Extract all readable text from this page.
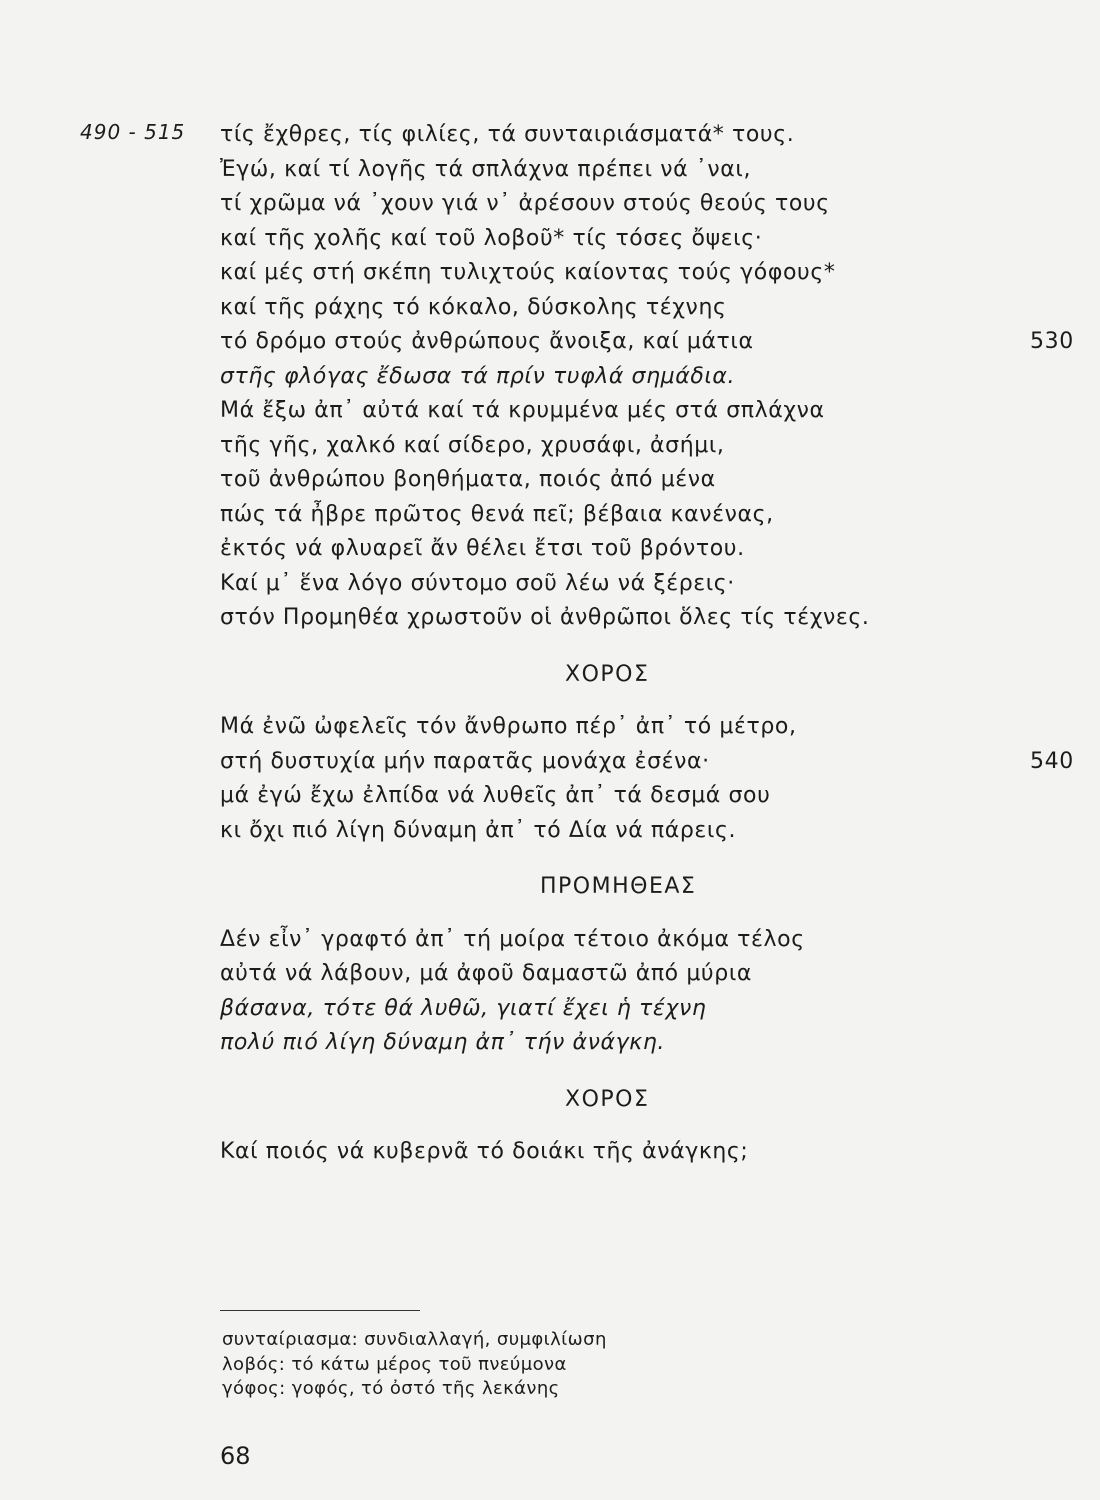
490 - 515 τίς ἔχθρες, τίς φιλίες, τά συνταιριάσματά* τους.
Ἐγώ, καί τί λογῆς τά σπλάχνα πρέπει νά ᾽ναι,
τί χρῶμα νά ᾽χουν γιά ν᾽ ἀρέσουν στούς θεούς τους
καί τῆς χολῆς καί τοῦ λοβοῦ* τίς τόσες ὄψεις·
καί μές στή σκέπη τυλιχτούς καίοντας τούς γόφους*
καί τῆς ράχης τό κόκαλο, δύσκολης τέχνης
τό δρόμο στούς ἀνθρώπους ἄνοιξα, καί μάτια	530
στῆς φλόγας ἔδωσα τά πρίν τυφλά σημάδια.
Μά ἔξω ἀπ᾽ αὐτά καί τά κρυμμένα μές στά σπλάχνα
τῆς γῆς, χαλκό καί σίδερο, χρυσάφι, ἀσήμι,
τοῦ ἀνθρώπου βοηθήματα, ποιός ἀπό μένα
πώς τά ἦβρε πρῶτος θενά πεῖ; βέβαια κανένας,
ἐκτός νά φλυαρεῖ ἄν θέλει ἔτσι τοῦ βρόντου.
Καί μ᾽ ἕνα λόγο σύντομο σοῦ λέω νά ξέρεις·
στόν Προμηθέα χρωστοῦν οἱ ἀνθρῶποι ὅλες τίς τέχνες.
ΧΟΡΟΣ
Μά ἐνῶ ὠφελεῖς τόν ἄνθρωπο πέρ᾽ ἀπ᾽ τό μέτρο,
στή δυστυχία μήν παρατᾶς μονάχα ἐσένα·	540
μά ἐγώ ἔχω ἐλπίδα νά λυθεῖς ἀπ᾽ τά δεσμά σου
κι ὄχι πιό λίγη δύναμη ἀπ᾽ τό Δία νά πάρεις.
ΠΡΟΜΗΘΕΑΣ
Δέν εἶν᾽ γραφτό ἀπ᾽ τή μοίρα τέτοιο ἀκόμα τέλος
αὐτά νά λάβουν, μά ἀφοῦ δαμαστῶ ἀπό μύρια
βάσανα, τότε θά λυθῶ, γιατί ἔχει ἡ τέχνη
πολύ πιό λίγη δύναμη ἀπ᾽ τήν ἀνάγκη.
ΧΟΡΟΣ
Καί ποιός νά κυβερνᾶ τό δοιάκι τῆς ἀνάγκης;
συνταίριασμα: συνδιαλλαγή, συμφιλίωση
λοβός: τό κάτω μέρος τοῦ πνεύμονα
γόφος: γοφός, τό ὀστό τῆς λεκάνης
68
